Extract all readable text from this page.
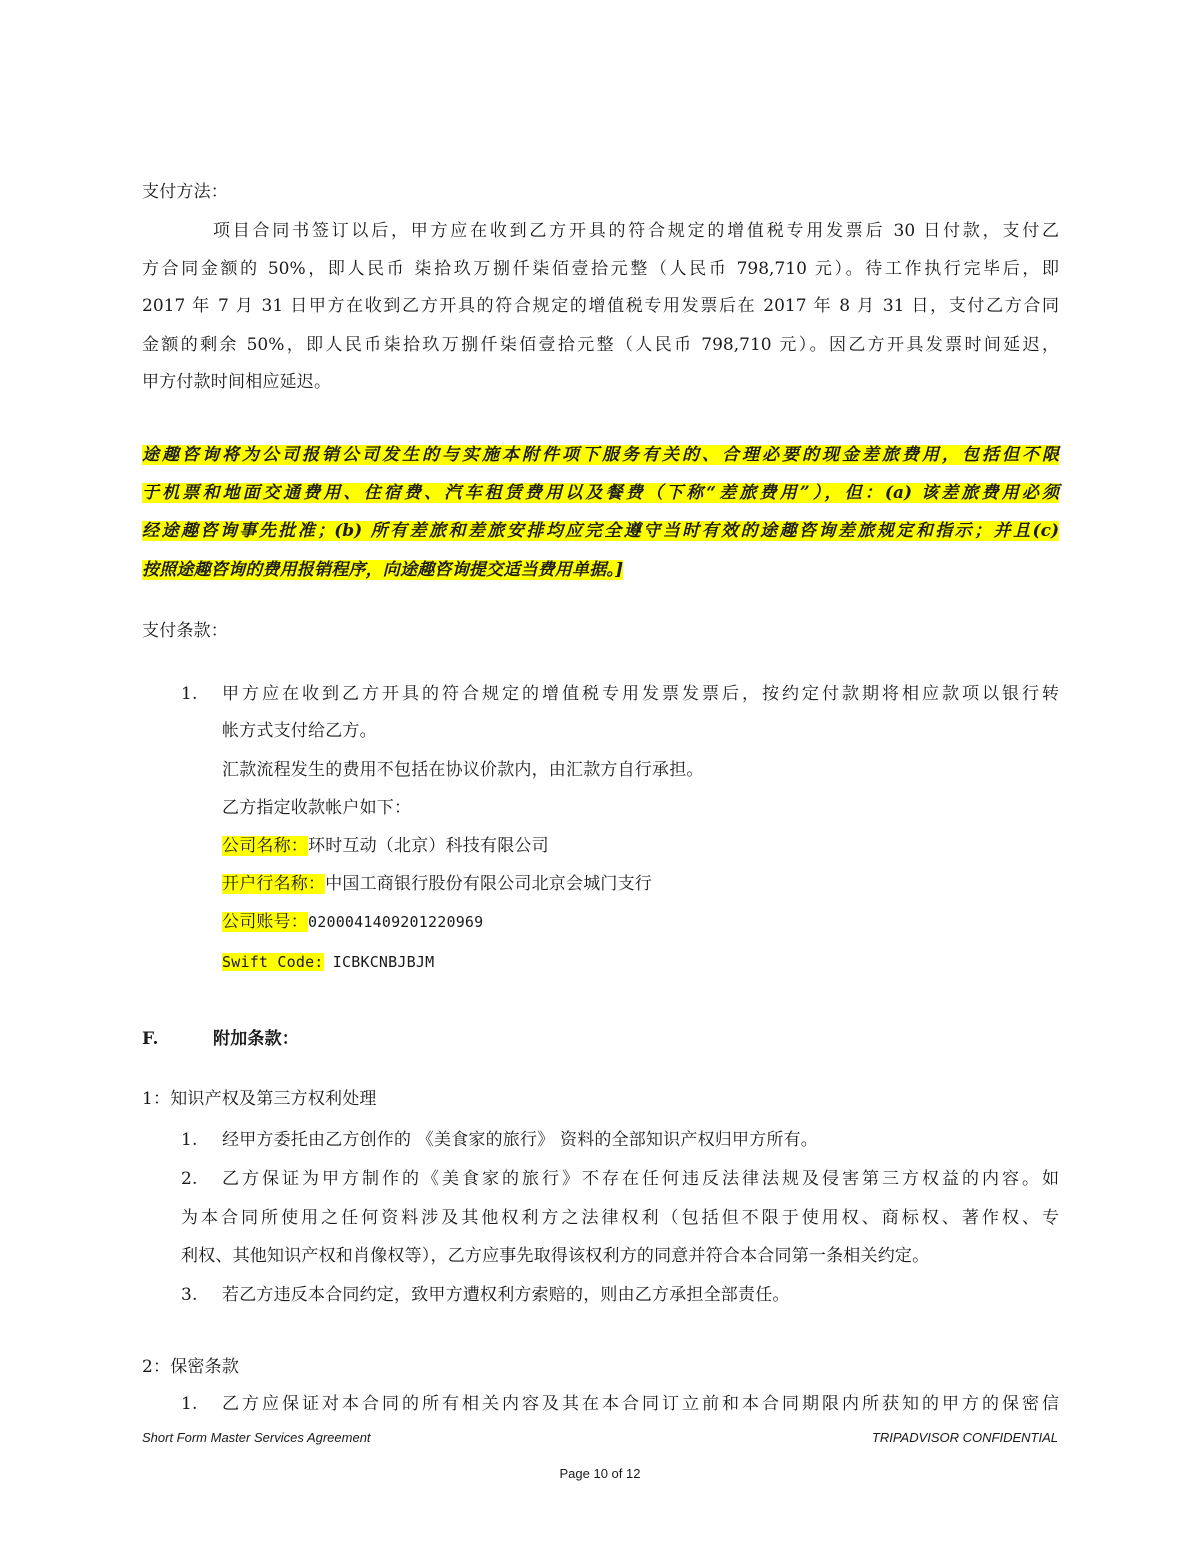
支付方法：
项目合同书签订以后，甲方应在收到乙方开具的符合规定的增值税专用发票后 30 日付款，支付乙
方合同金额的 50%，即人民币 柒拾玖万捌仟柒佰壹拾元整（人民币 798,710 元）。待工作执行完毕后，即
2017 年 7 月 31 日甲方在收到乙方开具的符合规定的增值税专用发票后在 2017 年 8 月 31 日，支付乙方合同
金额的剩余 50%，即人民币柒拾玖万捌仟柒佰壹拾元整（人民币 798,710 元）。因乙方开具发票时间延迟，
甲方付款时间相应延迟。
途趣咨询将为公司报销公司发生的与实施本附件项下服务有关的、合理必要的现金差旅费用，包括但不限
于机票和地面交通费用、住宿费、汽车租赁费用以及餐费（下称“差旅费用”），但：(a) 该差旅费用必须
经途趣咨询事先批准；(b) 所有差旅和差旅安排均应完全遵守当时有效的途趣咨询差旅规定和指示；并且(c)
按照途趣咨询的费用报销程序，向途趣咨询提交适当费用单据。]
支付条款：
1. 甲方应在收到乙方开具的符合规定的增值税专用发票发票后，按约定付款期将相应款项以银行转
帐方式支付给乙方。
汇款流程发生的费用不包括在协议价款内，由汇款方自行承担。
乙方指定收款帐户如下：
公司名称：环时互动（北京）科技有限公司
开户行名称：中国工商银行股份有限公司北京会城门支行
公司账号：0200041409201220969
Swift Code: ICBKCNBJBJM
F.	附加条款：
1：知识产权及第三方权利处理
1. 经甲方委托由乙方创作的 《美食家的旅行》 资料的全部知识产权归甲方所有。
2. 乙方保证为甲方制作的《美食家的旅行》不存在任何违反法律法规及侵害第三方权益的内容。如
为本合同所使用之任何资料涉及其他权利方之法律权利（包括但不限于使用权、商标权、著作权、专
利权、其他知识产权和肖像权等），乙方应事先取得该权利方的同意并符合本合同第一条相关约定。
3. 若乙方违反本合同约定，致甲方遭权利方索赔的，则由乙方承担全部责任。
2：保密条款
1. 乙方应保证对本合同的所有相关内容及其在本合同订立前和本合同期限内所获知的甲方的保密信
Short Form Master Services Agreement	TRIPADVISOR CONFIDENTIAL
Page 10 of 12
